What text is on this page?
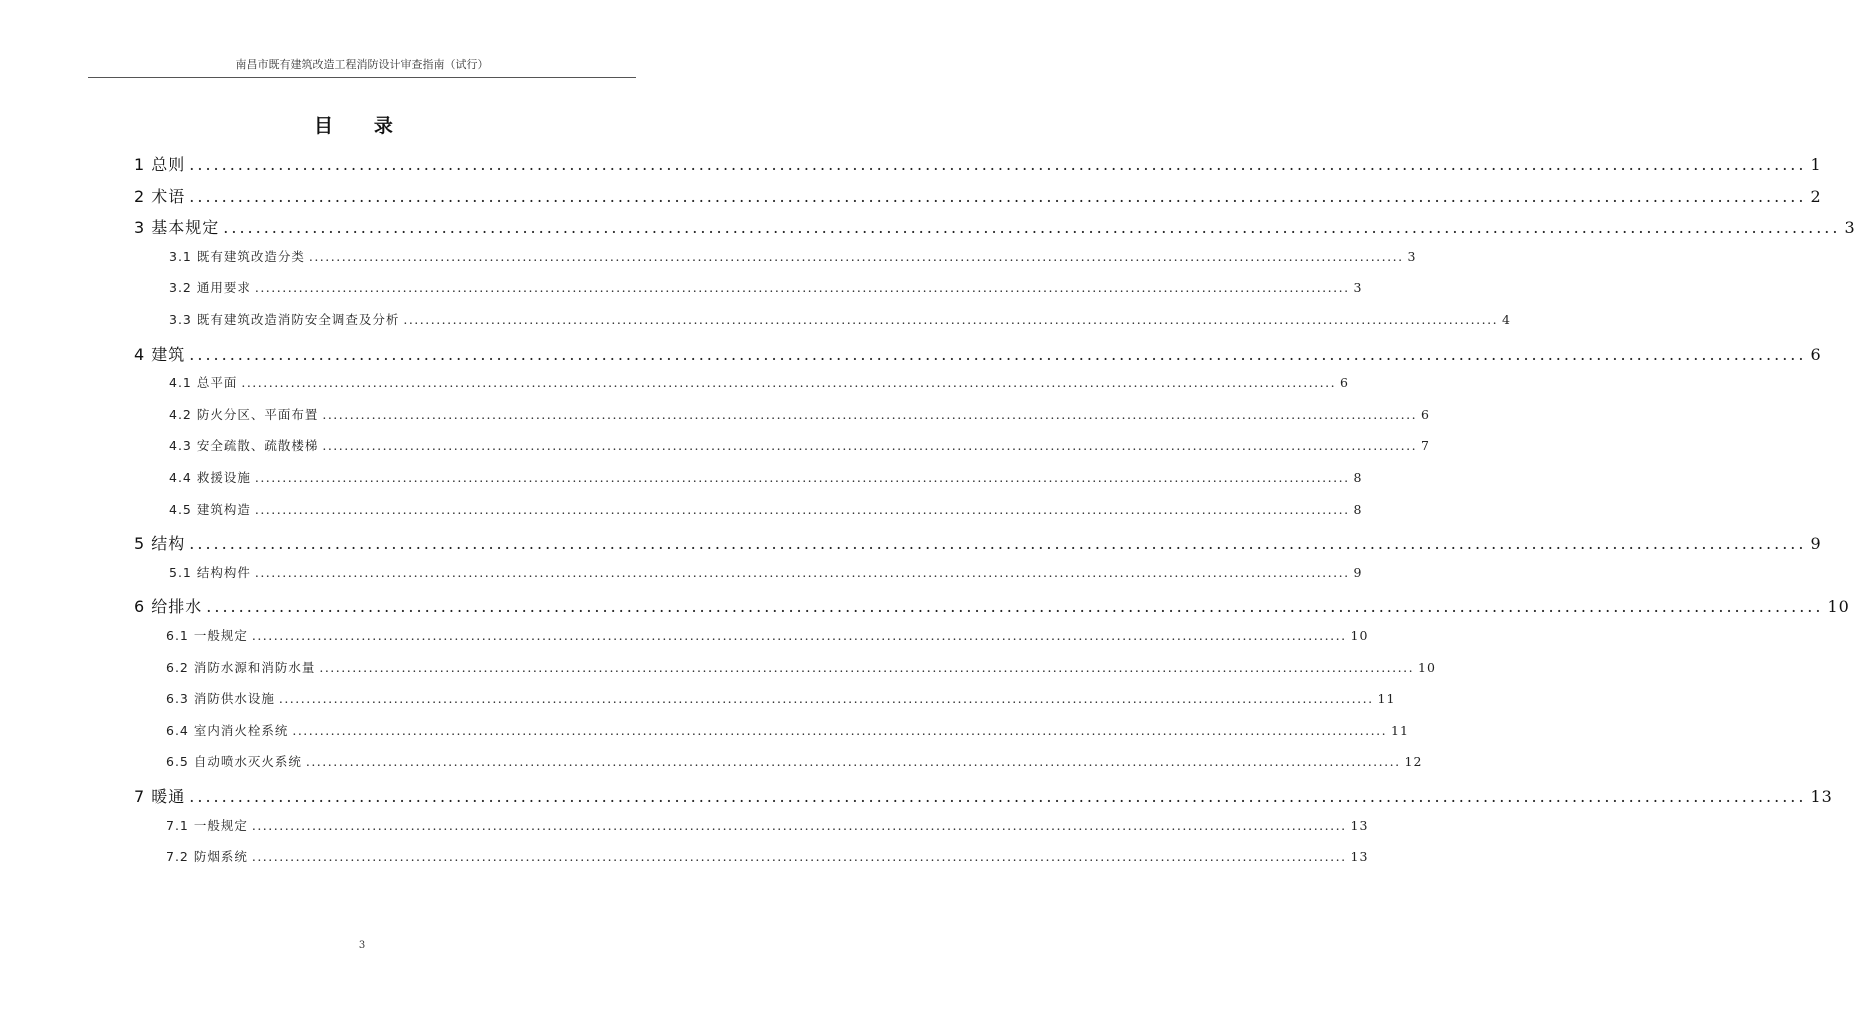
南昌市既有建筑改造工程消防设计审查指南（试行）
目 录
1 总则 ........................................................................................................................................................................................................ 1
2 术语 ........................................................................................................................................................................................................ 2
3 基本规定 ........................................................................................................................................................................................................ 3
3.1 既有建筑改造分类 ........................................................................................................................................................................................................ 3
3.2 通用要求 ........................................................................................................................................................................................................ 3
3.3 既有建筑改造消防安全调查及分析 ........................................................................................................................................................................................................ 4
4 建筑 ........................................................................................................................................................................................................ 6
4.1 总平面 ........................................................................................................................................................................................................ 6
4.2 防火分区、平面布置 ........................................................................................................................................................................................................ 6
4.3 安全疏散、疏散楼梯 ........................................................................................................................................................................................................ 7
4.4 救援设施 ........................................................................................................................................................................................................ 8
4.5 建筑构造 ........................................................................................................................................................................................................ 8
5 结构 ........................................................................................................................................................................................................ 9
5.1 结构构件 ........................................................................................................................................................................................................ 9
6 给排水 ........................................................................................................................................................................................................ 10
6.1 一般规定 ........................................................................................................................................................................................................ 10
6.2 消防水源和消防水量 ........................................................................................................................................................................................................ 10
6.3 消防供水设施 ........................................................................................................................................................................................................ 11
6.4 室内消火栓系统 ........................................................................................................................................................................................................ 11
6.5 自动喷水灭火系统 ........................................................................................................................................................................................................ 12
7 暖通 ........................................................................................................................................................................................................ 13
7.1 一般规定 ........................................................................................................................................................................................................ 13
7.2 防烟系统 ........................................................................................................................................................................................................ 13
3
